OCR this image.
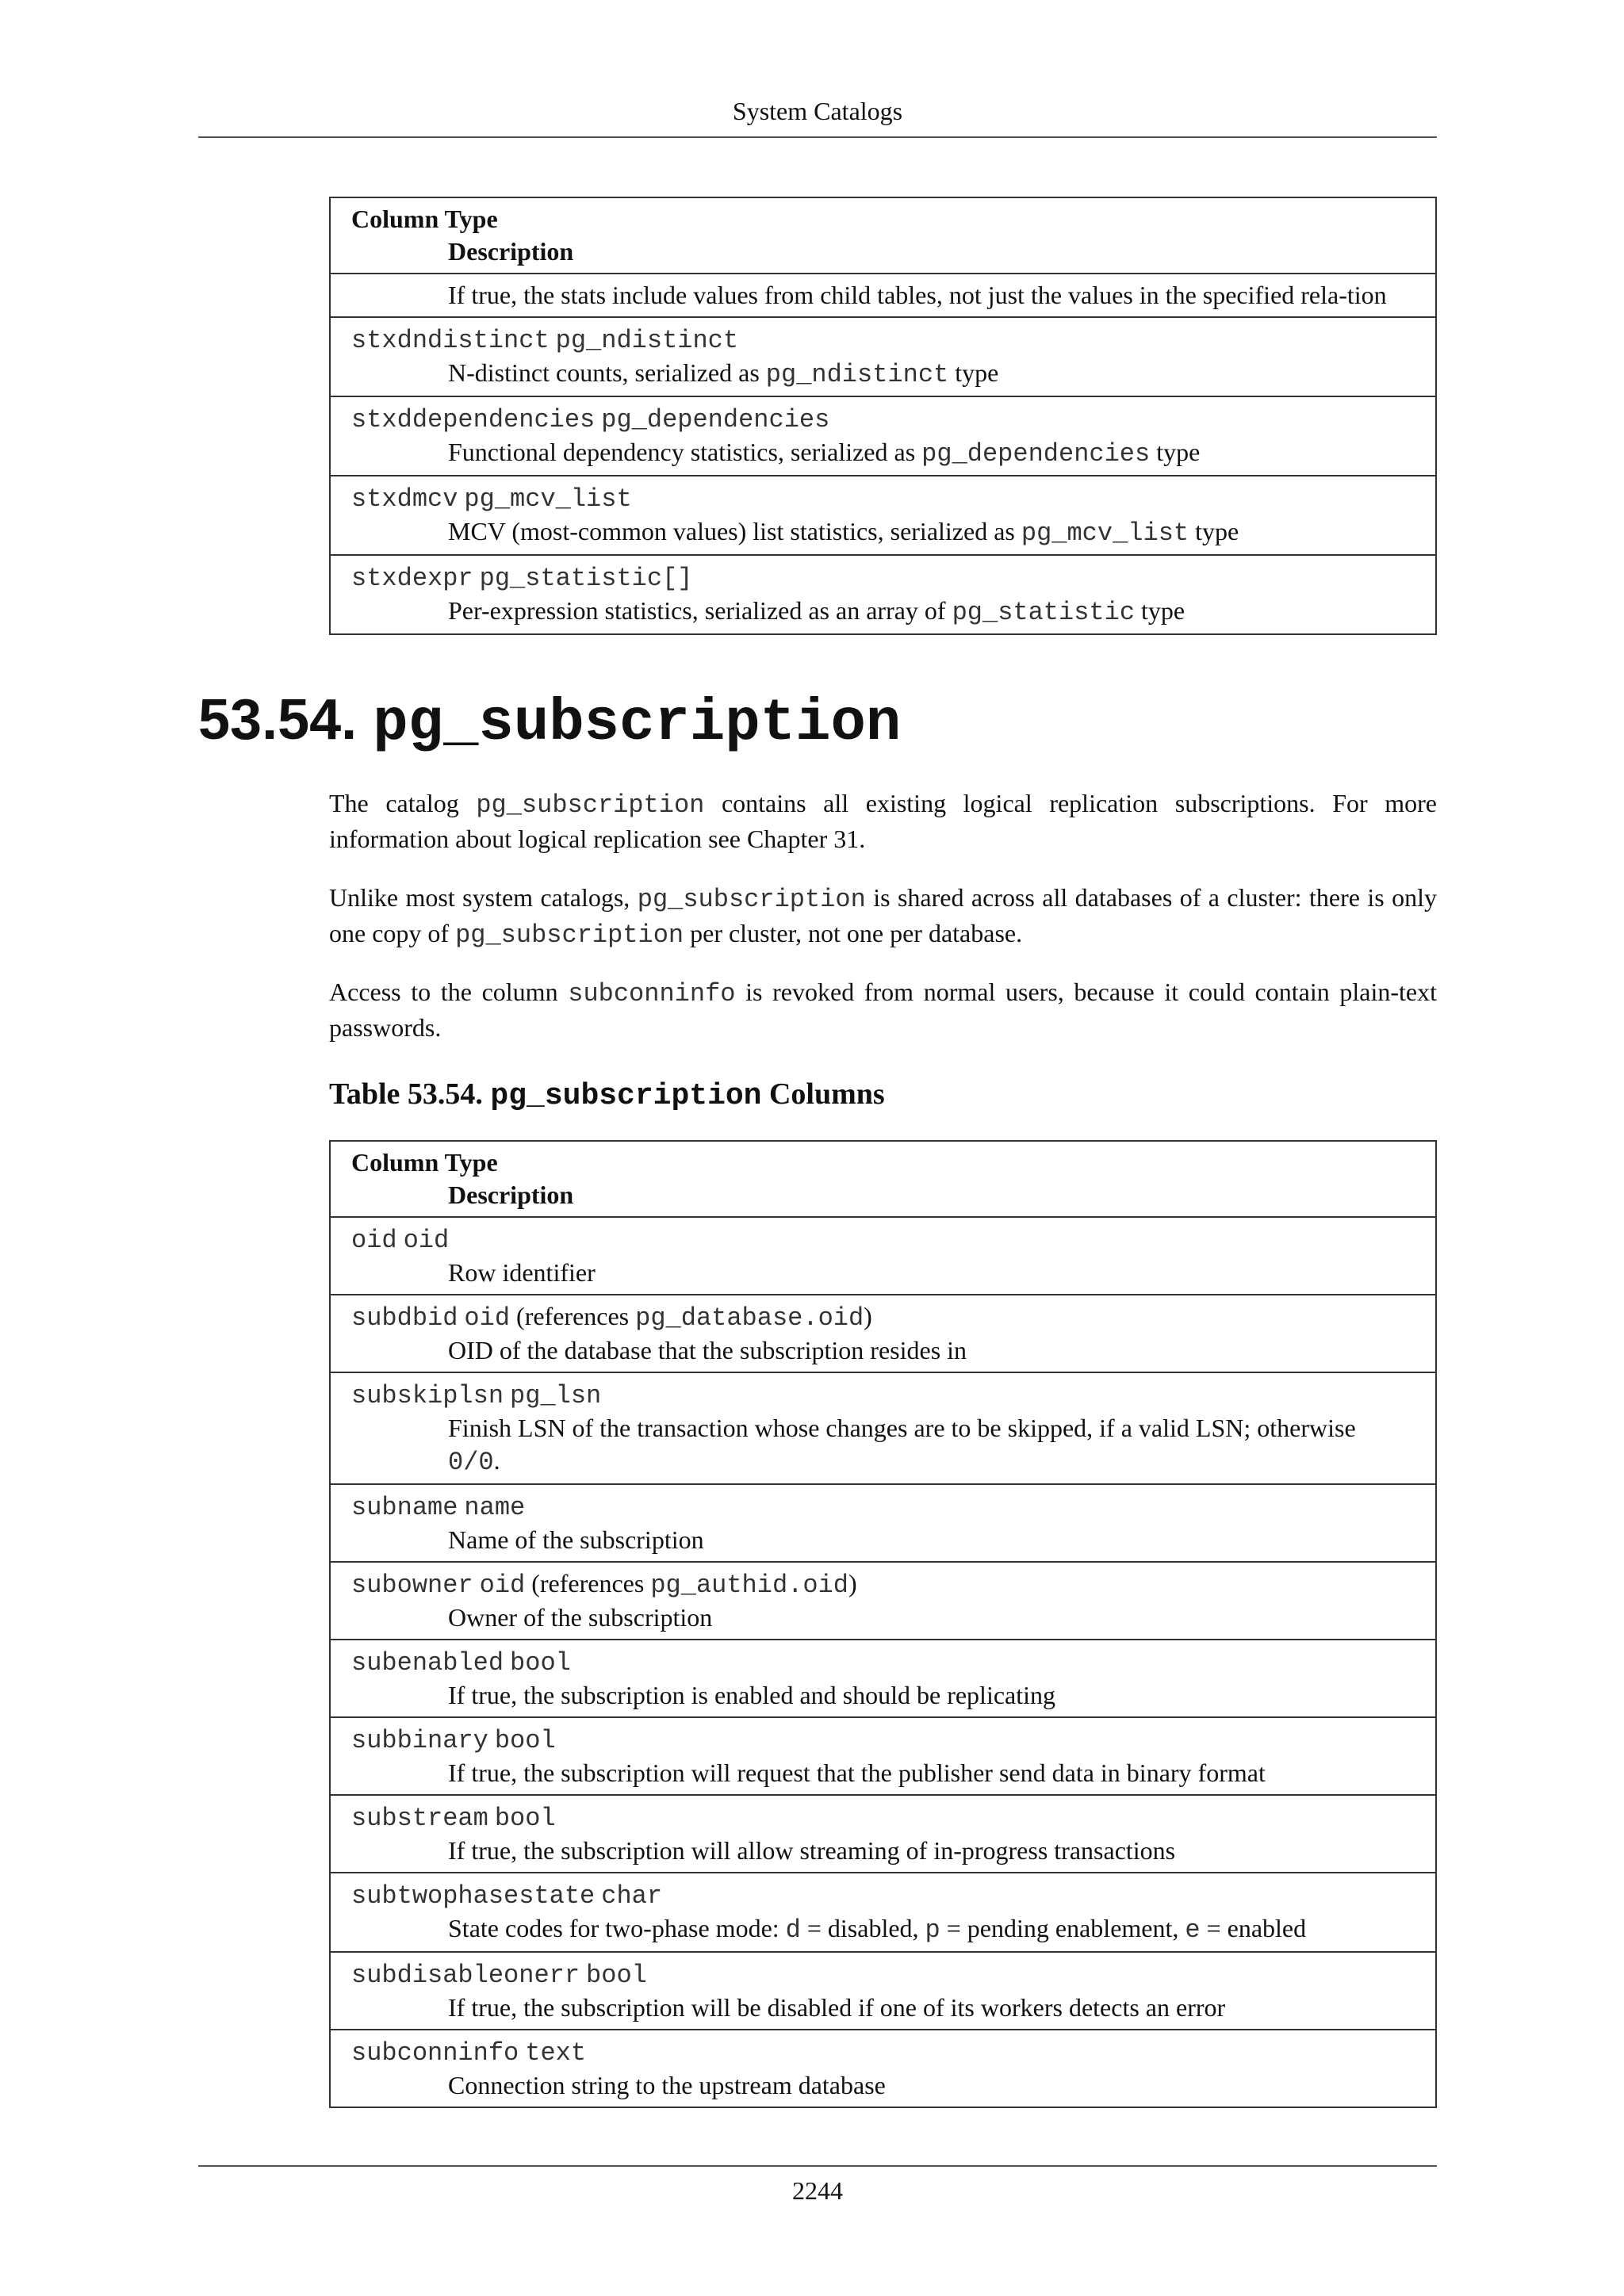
System Catalogs
Column Type
Description

If true, the stats include values from child tables, not just the values in the specified rela-tion

stxdndistinct pg_ndistinct
N-distinct counts, serialized as pg_ndistinct type

stxddependencies pg_dependencies
Functional dependency statistics, serialized as pg_dependencies type

stxdmcv pg_mcv_list
MCV (most-common values) list statistics, serialized as pg_mcv_list type

stxdexpr pg_statistic[]
Per-expression statistics, serialized as an array of pg_statistic type
53.54. pg_subscription

The catalog pg_subscription contains all existing logical replication subscriptions. For more information about logical replication see Chapter 31.

Unlike most system catalogs, pg_subscription is shared across all databases of a cluster: there is only one copy of pg_subscription per cluster, not one per database.

Access to the column subconninfo is revoked from normal users, because it could contain plain-text passwords.

Table 53.54. pg_subscription Columns
Column Type
Description

oid oid
Row identifier

subdbid oid (references pg_database.oid)
OID of the database that the subscription resides in

subskiplsn pg_lsn
Finish LSN of the transaction whose changes are to be skipped, if a valid LSN; otherwise
0/0.

subname name
Name of the subscription

subowner oid (references pg_authid.oid)
Owner of the subscription

subenabled bool
If true, the subscription is enabled and should be replicating

subbinary bool
If true, the subscription will request that the publisher send data in binary format

substream bool
If true, the subscription will allow streaming of in-progress transactions

subtwophasestate char
State codes for two-phase mode: d = disabled, p = pending enablement, e = enabled

subdisableonerr bool
If true, the subscription will be disabled if one of its workers detects an error

subconninfo text
Connection string to the upstream database
2244
